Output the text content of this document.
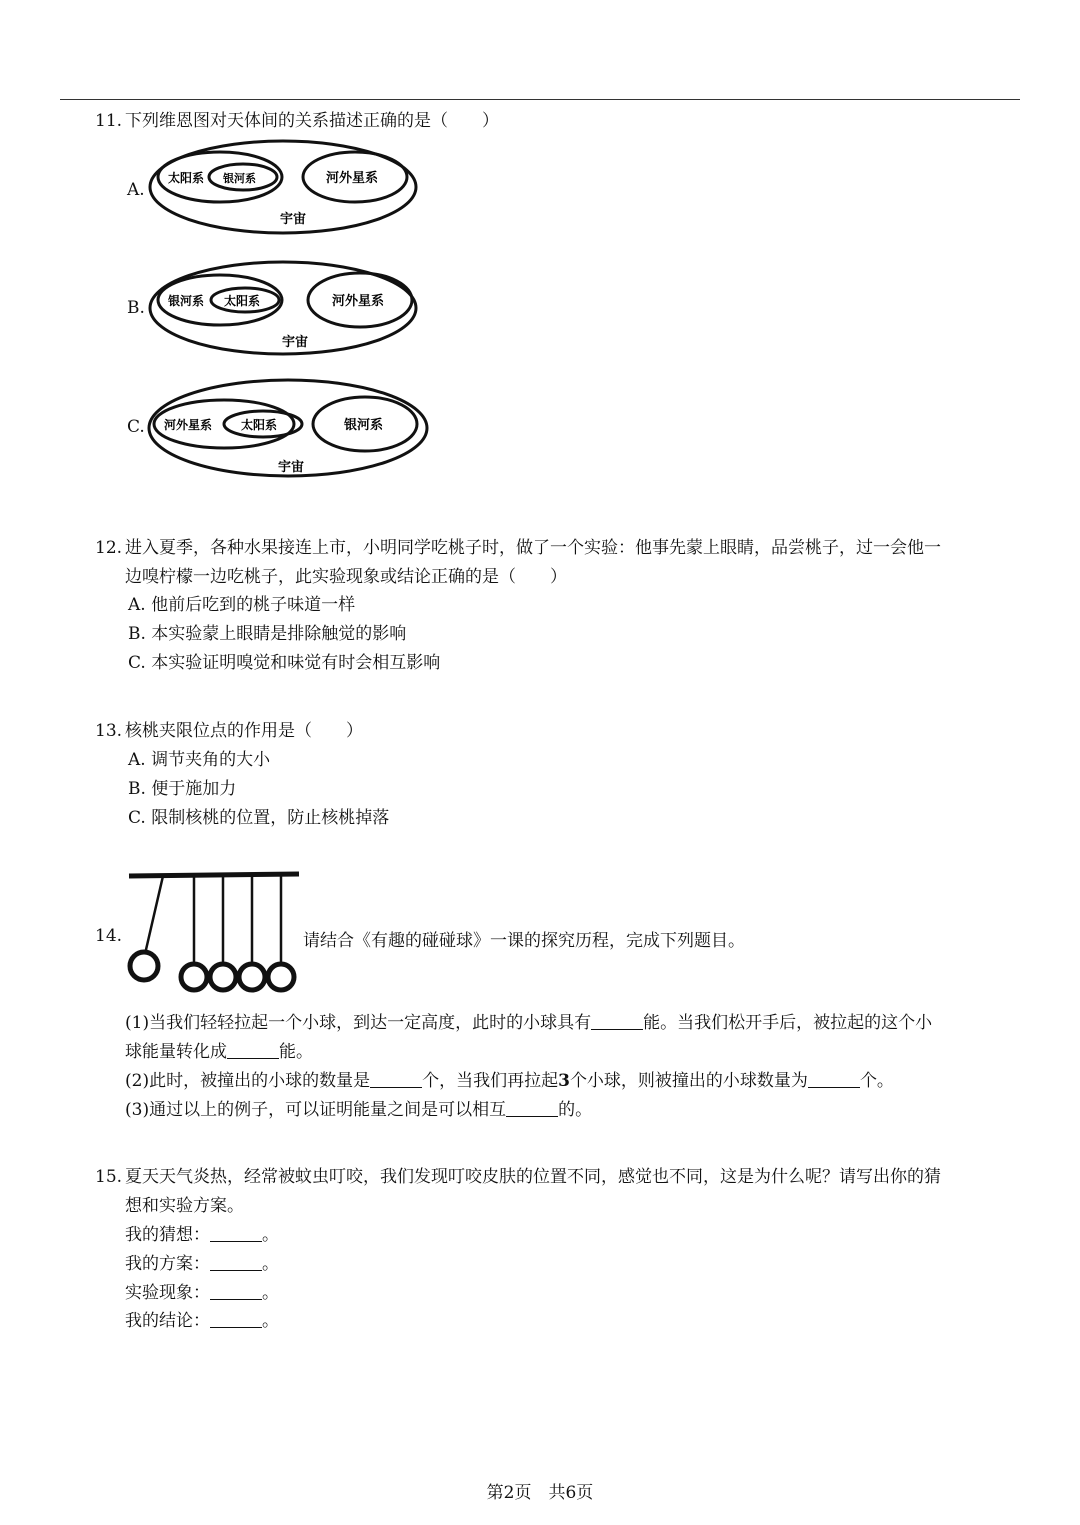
11. 下列维恩图对天体间的关系描述正确的是（　　）
A.
太阳系 银河系	河外星系
宇宙
B. 银河系 太阳系	河外星系
宇宙
C. 河外星系 太阳系	银河系
宇宙
12. 进入夏季，各种水果接连上市，小明同学吃桃子时，做了一个实验：他事先蒙上眼睛，品尝桃子，过一会他一
边嗅柠檬一边吃桃子，此实验现象或结论正确的是（　　）
A. 他前后吃到的桃子味道一样
B. 本实验蒙上眼睛是排除触觉的影响
C. 本实验证明嗅觉和味觉有时会相互影响
13. 核桃夹限位点的作用是（　　）
A. 调节夹角的大小
B. 便于施加力
C. 限制核桃的位置，防止核桃掉落
14.	请结合《有趣的碰碰球》一课的探究历程，完成下列题目。
(1)当我们轻轻拉起一个小球，到达一定高度，此时的小球具有	能。当我们松开手后，被拉起的这个小
球能量转化成	能。
(2)此时，被撞出的小球的数量是	个，当我们再拉起3个小球，则被撞出的小球数量为	个。
(3)通过以上的例子，可以证明能量之间是可以相互	的。
15. 夏天天气炎热，经常被蚊虫叮咬，我们发现叮咬皮肤的位置不同，感觉也不同，这是为什么呢？请写出你的猜
想和实验方案。
我的猜想：	。
我的方案：	。
实验现象：	。
我的结论：	。
第2页　共6页
